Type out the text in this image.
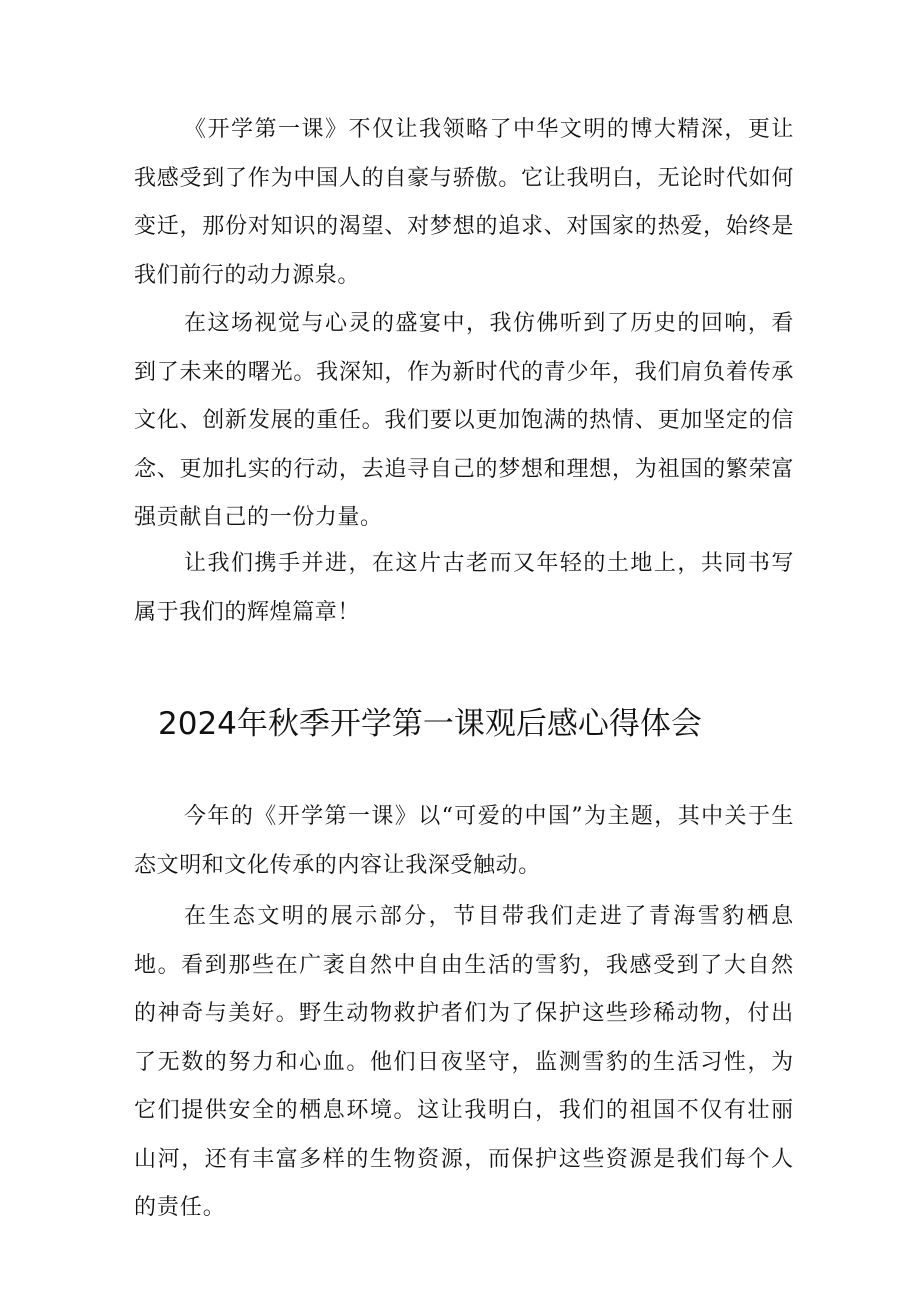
《开学第一课》不仅让我领略了中华文明的博大精深，更让我感受到了作为中国人的自豪与骄傲。它让我明白，无论时代如何变迁，那份对知识的渴望、对梦想的追求、对国家的热爱，始终是我们前行的动力源泉。

在这场视觉与心灵的盛宴中，我仿佛听到了历史的回响，看到了未来的曙光。我深知，作为新时代的青少年，我们肩负着传承文化、创新发展的重任。我们要以更加饱满的热情、更加坚定的信念、更加扎实的行动，去追寻自己的梦想和理想，为祖国的繁荣富强贡献自己的一份力量。

让我们携手并进，在这片古老而又年轻的土地上，共同书写属于我们的辉煌篇章！

2024年秋季开学第一课观后感心得体会

今年的《开学第一课》以“可爱的中国”为主题，其中关于生态文明和文化传承的内容让我深受触动。

在生态文明的展示部分，节目带我们走进了青海雪豹栖息地。看到那些在广袤自然中自由生活的雪豹，我感受到了大自然的神奇与美好。野生动物救护者们为了保护这些珍稀动物，付出了无数的努力和心血。他们日夜坚守，监测雪豹的生活习性，为它们提供安全的栖息环境。这让我明白，我们的祖国不仅有壮丽山河，还有丰富多样的生物资源，而保护这些资源是我们每个人的责任。
